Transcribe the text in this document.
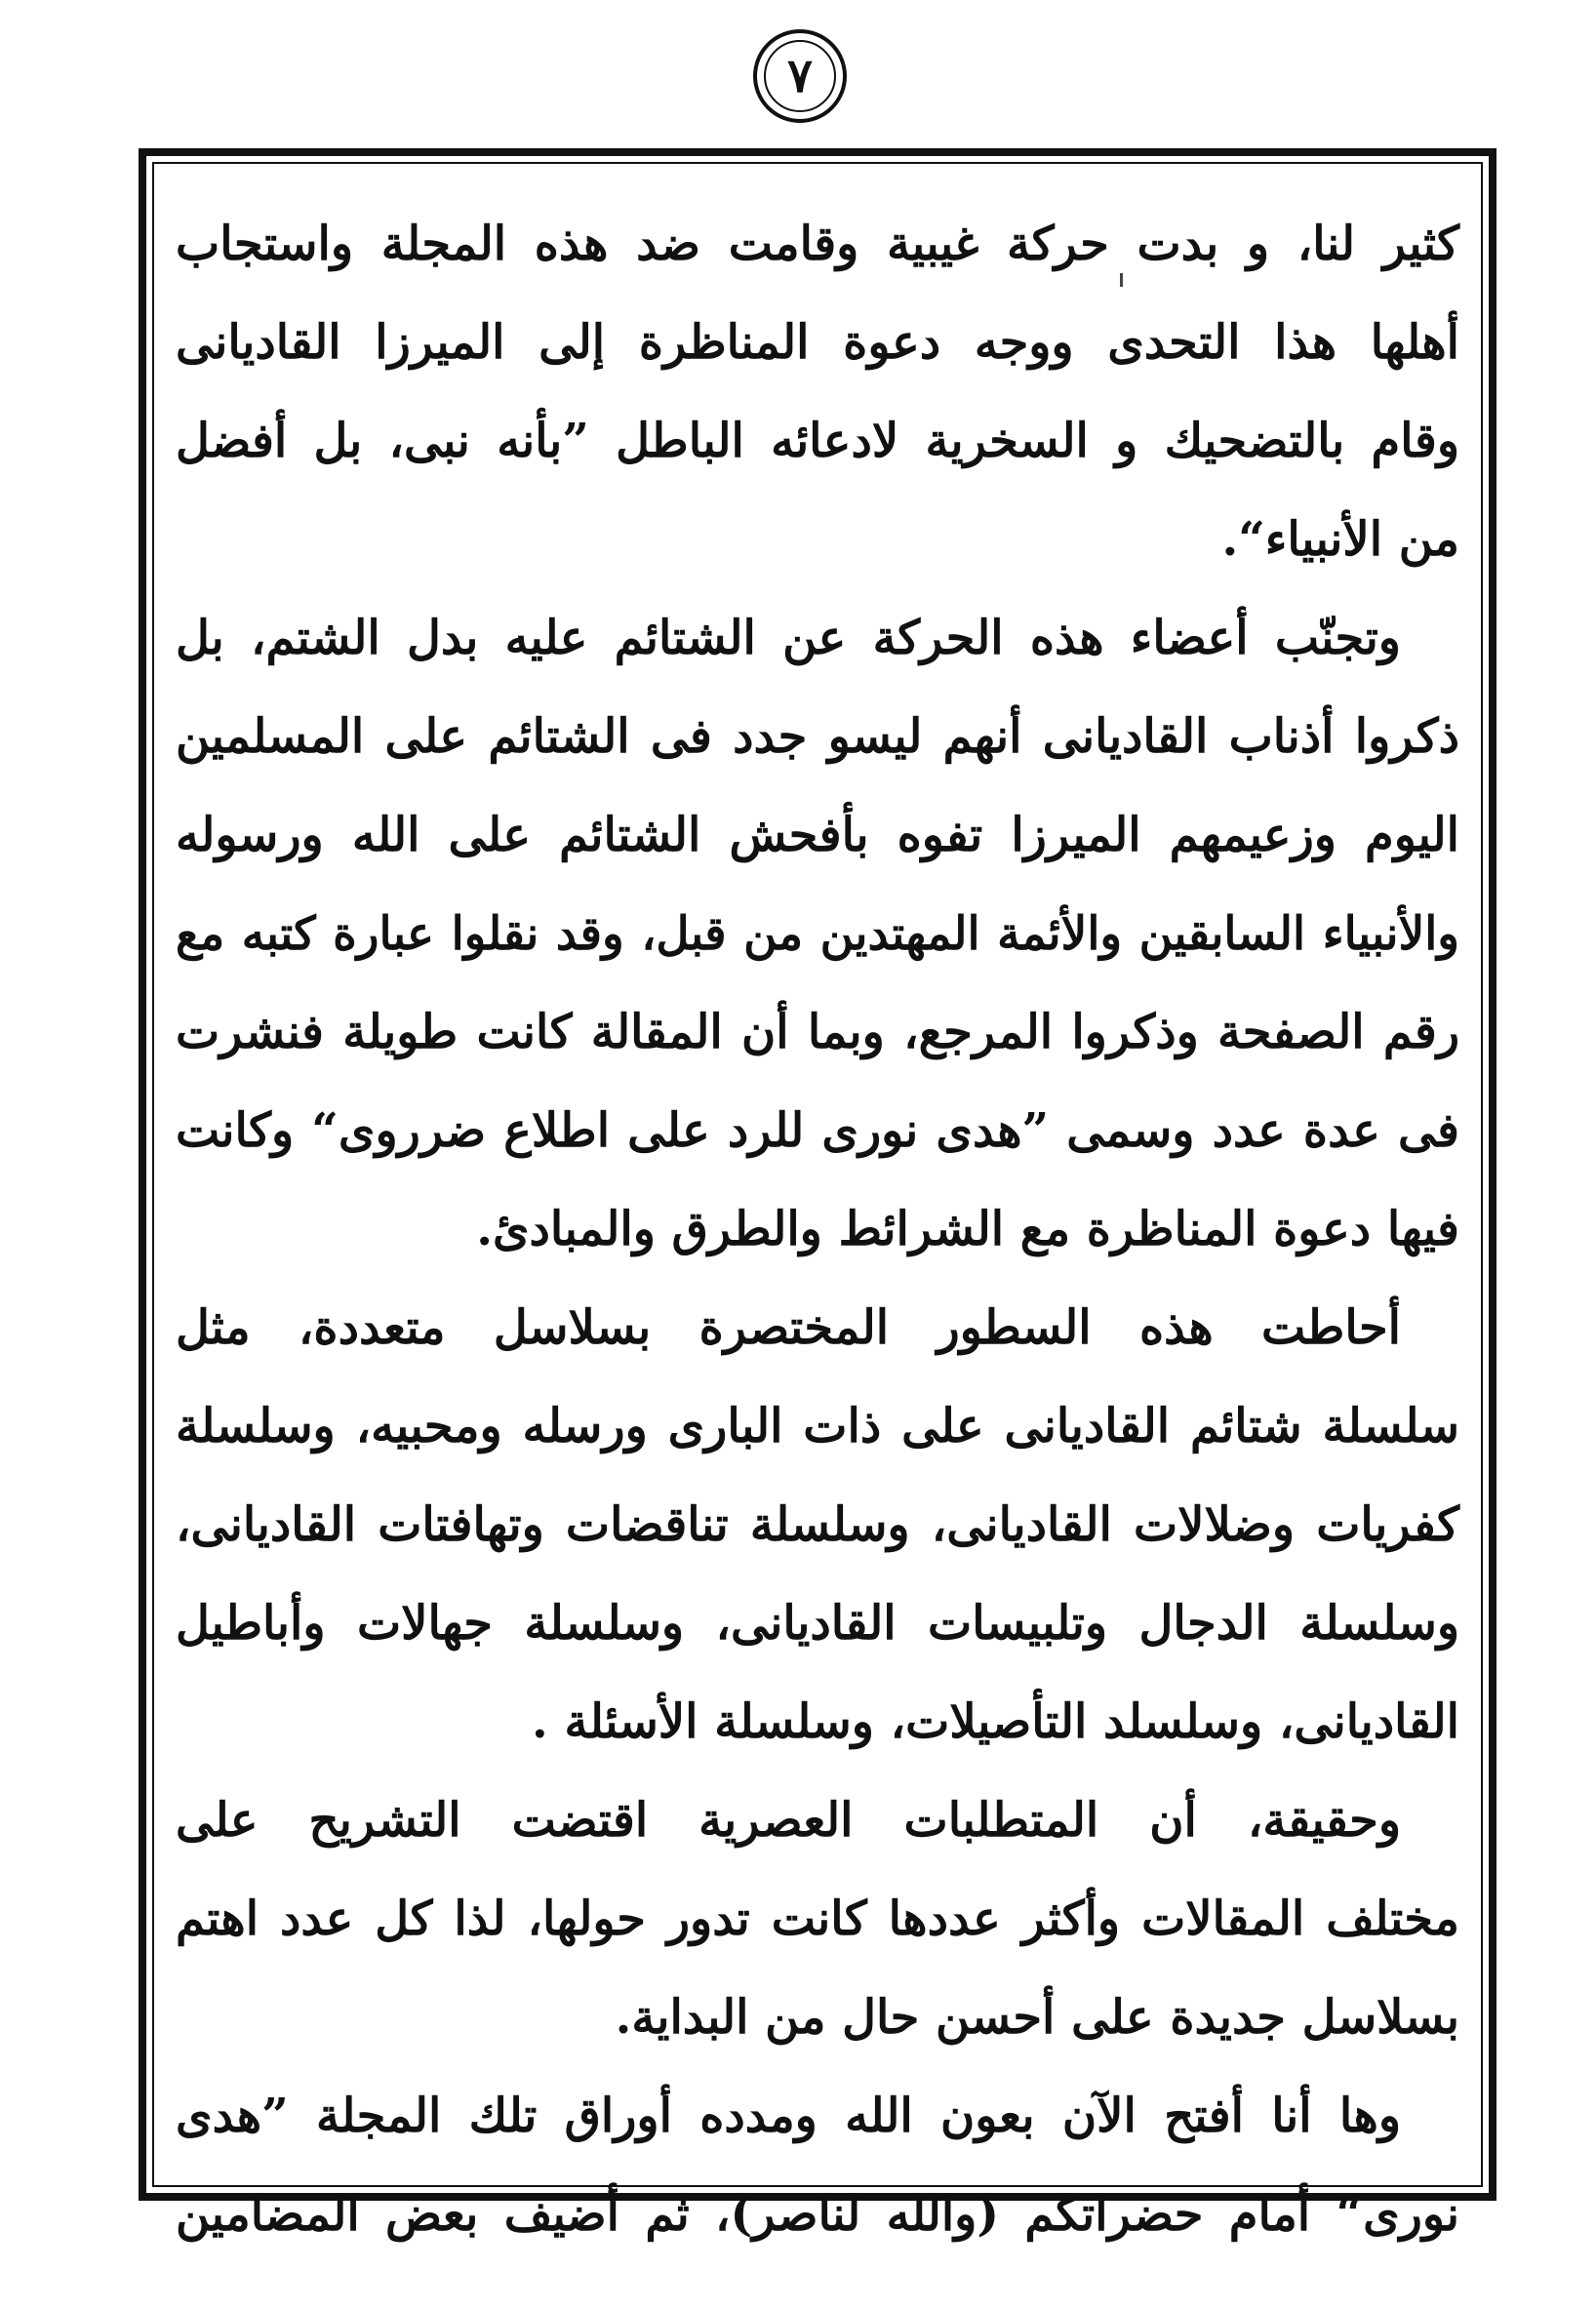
٧
كثير لنا، و بدت حركة غيبية وقامت ضد هذه المجلة واستجاب
أهلها هذا التحدى ووجه دعوة المناظرة إلى الميرزا القاديانى
وقام بالتضحيك و السخرية لادعائه الباطل ”بأنه نبى، بل أفضل
من الأنبياء“.
وتجنّب أعضاء هذه الحركة عن الشتائم عليه بدل الشتم، بل
ذكروا أذناب القاديانى أنهم ليسو جدد فى الشتائم على المسلمين
اليوم وزعيمهم الميرزا تفوه بأفحش الشتائم على الله ورسوله
والأنبياء السابقين والأئمة المهتدين من قبل، وقد نقلوا عبارة كتبه مع
رقم الصفحة وذكروا المرجع، وبما أن المقالة كانت طويلة فنشرت
فى عدة عدد وسمى ”هدى نورى للرد على اطلاع ضرروى“ وكانت
فيها دعوة المناظرة مع الشرائط والطرق والمبادئ.
أحاطت هذه السطور المختصرة بسلاسل متعددة، مثل
سلسلة شتائم القاديانى على ذات البارى ورسله ومحبيه، وسلسلة
كفريات وضلالات القاديانى، وسلسلة تناقضات وتهافتات القاديانى،
وسلسلة الدجال وتلبيسات القاديانى، وسلسلة جهالات وأباطيل
القاديانى، وسلسلد التأصيلات، وسلسلة الأسئلة .
وحقيقة، أن المتطلبات العصرية اقتضت التشريح على
مختلف المقالات وأكثر عددها كانت تدور حولها، لذا كل عدد اهتم
بسلاسل جديدة على أحسن حال من البداية.
وها أنا أفتح الآن بعون الله ومدده أوراق تلك المجلة ”هدى
نورى“ أمام حضراتكم (والله لناصر)، ثم أضيف بعض المضامين
